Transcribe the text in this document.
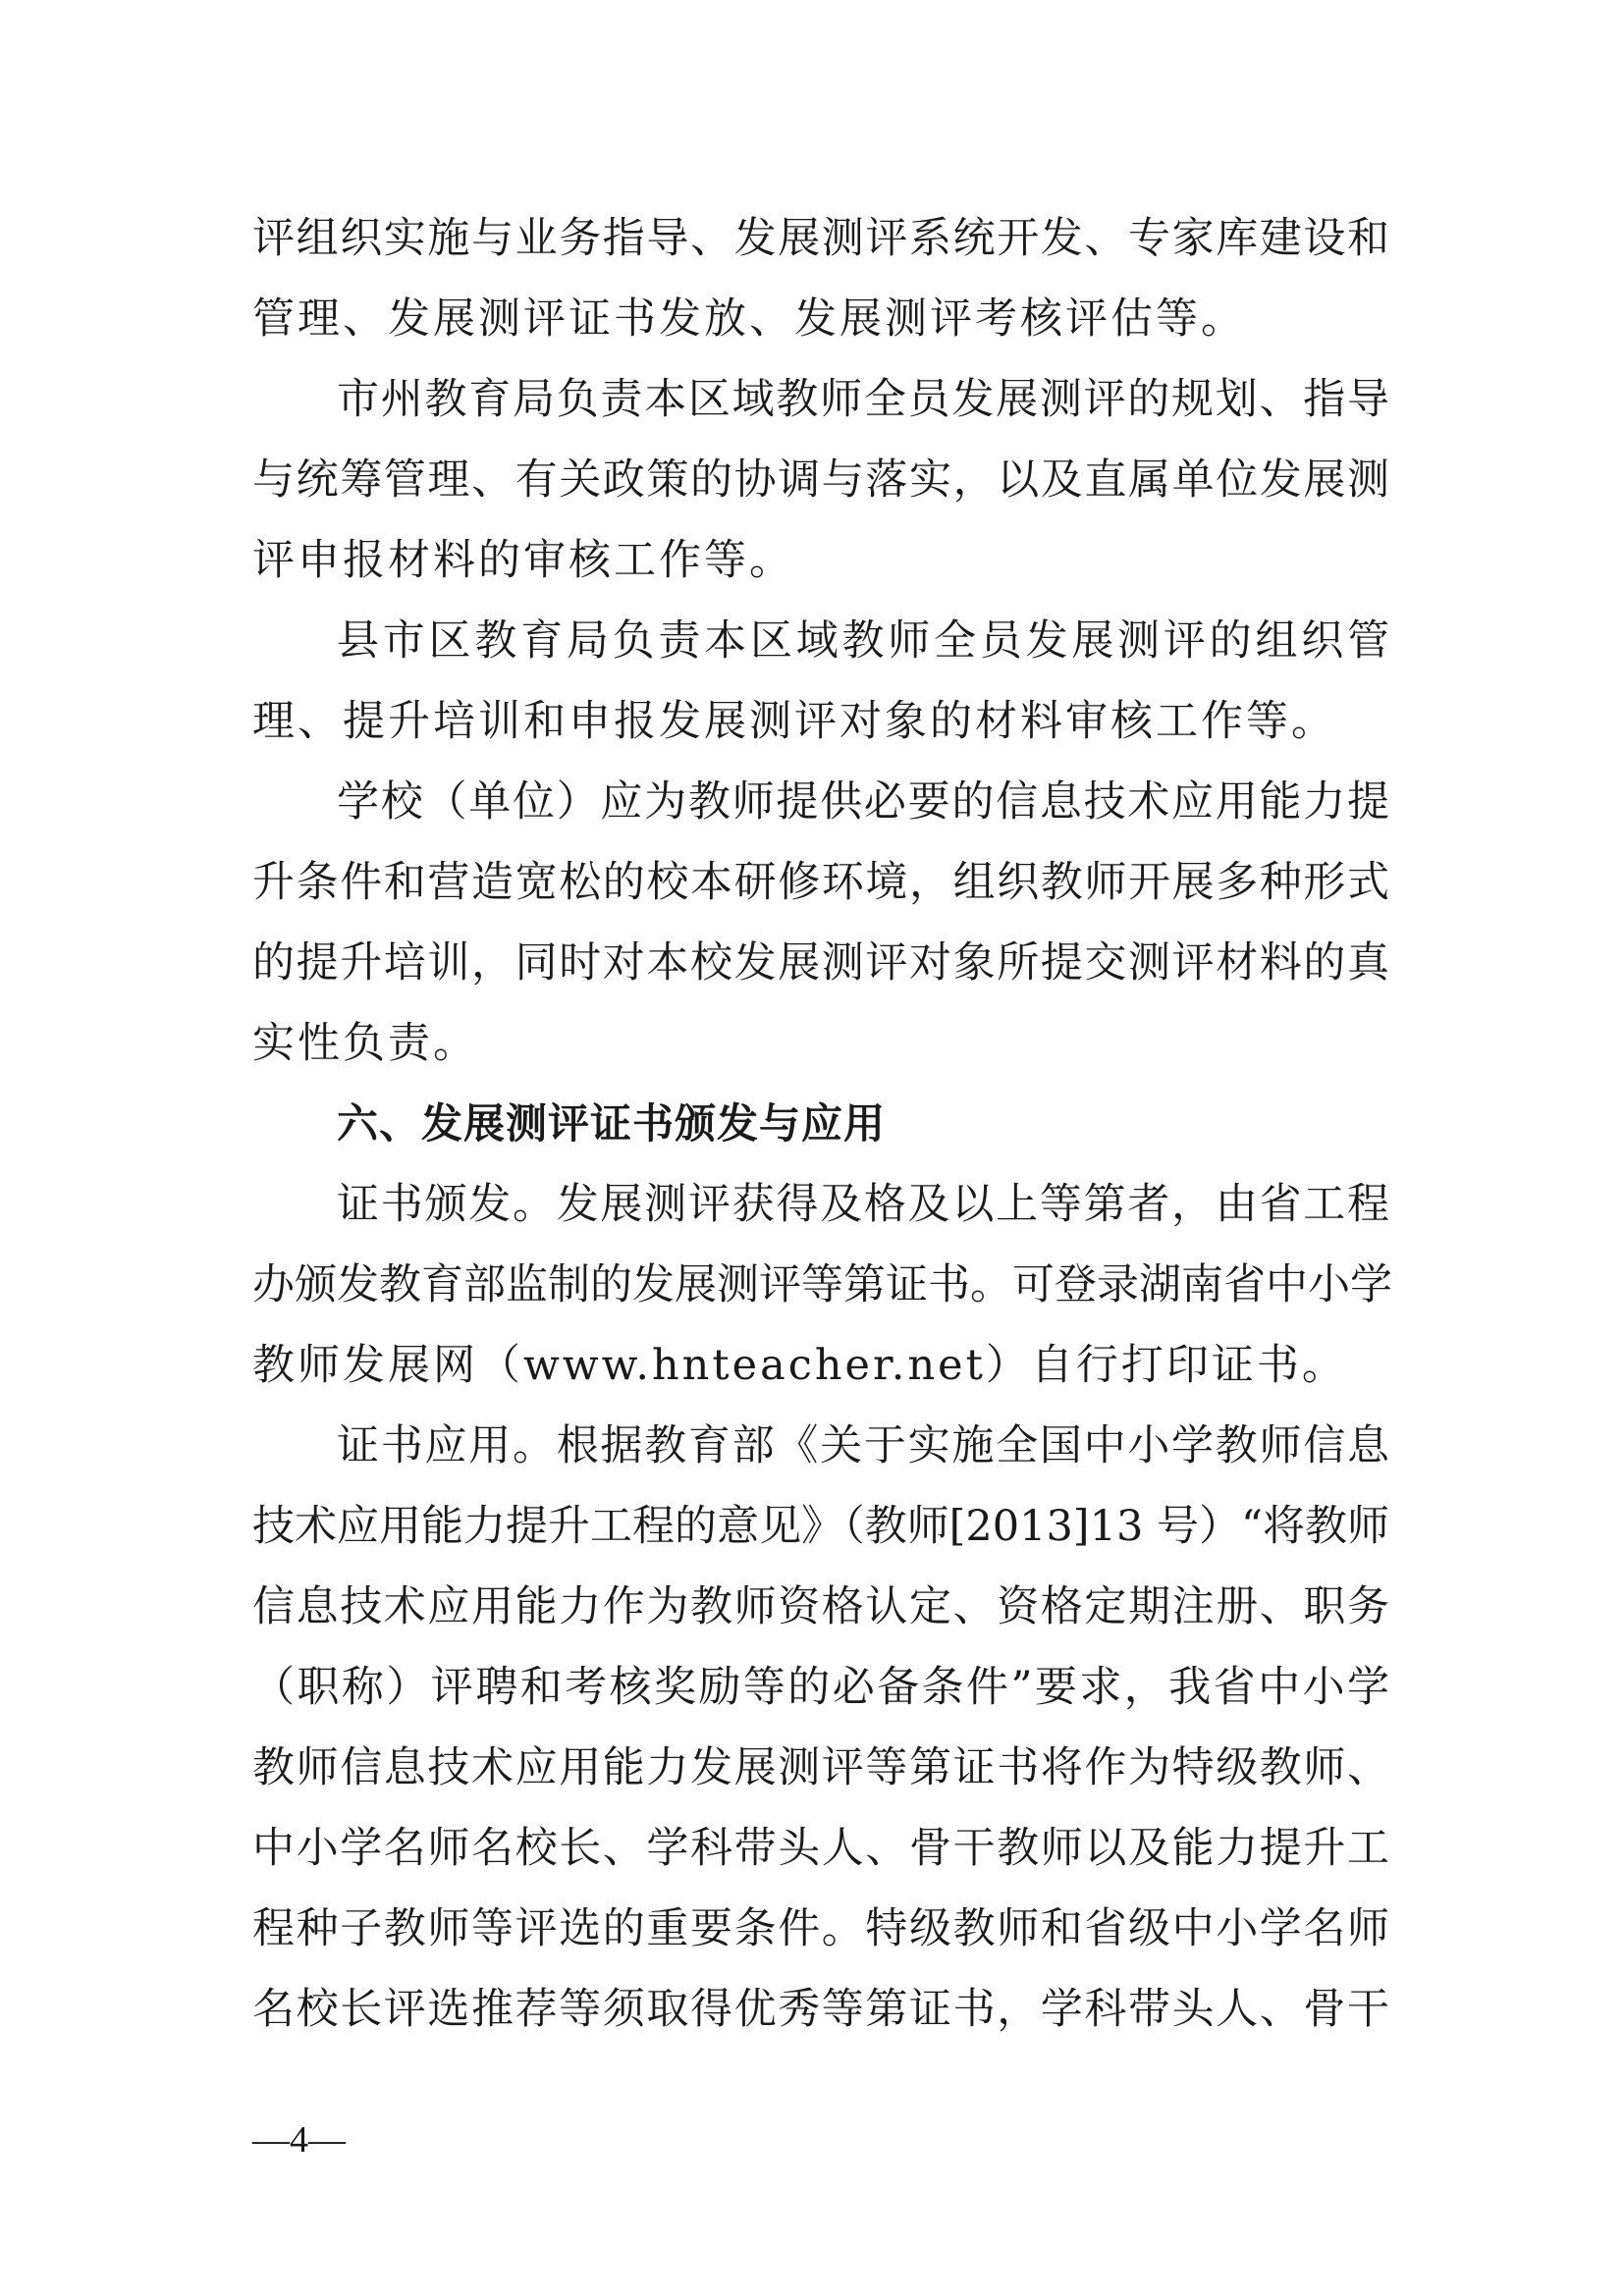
评组织实施与业务指导、发展测评系统开发、专家库建设和
管理、发展测评证书发放、发展测评考核评估等。
市州教育局负责本区域教师全员发展测评的规划、指导
与统筹管理、有关政策的协调与落实，以及直属单位发展测
评申报材料的审核工作等。
县市区教育局负责本区域教师全员发展测评的组织管
理、提升培训和申报发展测评对象的材料审核工作等。
学校（单位）应为教师提供必要的信息技术应用能力提
升条件和营造宽松的校本研修环境，组织教师开展多种形式
的提升培训，同时对本校发展测评对象所提交测评材料的真
实性负责。
六、发展测评证书颁发与应用
证书颁发。发展测评获得及格及以上等第者，由省工程
办颁发教育部监制的发展测评等第证书。可登录湖南省中小学
教师发展网（www.hnteacher.net）自行打印证书。
证书应用。根据教育部《关于实施全国中小学教师信息
技术应用能力提升工程的意见》（教师[2013]13 号）“将教师
信息技术应用能力作为教师资格认定、资格定期注册、职务
（职称）评聘和考核奖励等的必备条件”要求，我省中小学
教师信息技术应用能力发展测评等第证书将作为特级教师、
中小学名师名校长、学科带头人、骨干教师以及能力提升工
程种子教师等评选的重要条件。特级教师和省级中小学名师
名校长评选推荐等须取得优秀等第证书，学科带头人、骨干
—4—
